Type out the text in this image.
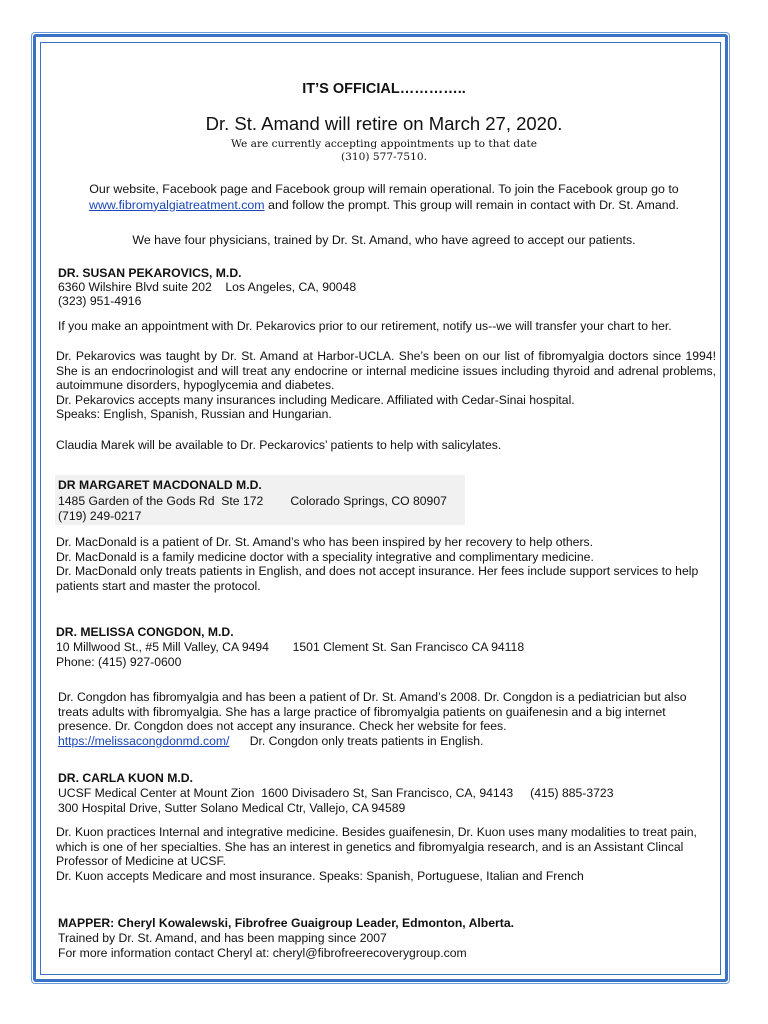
IT’S OFFICIAL…………..
Dr. St. Amand will retire on March 27, 2020.
We are currently accepting appointments up to that date
(310) 577-7510.
Our website, Facebook page and Facebook group will remain operational. To join the Facebook group go to
www.fibromyalgiatreatment.com and follow the prompt. This group will remain in contact with Dr. St. Amand.
We have four physicians, trained by Dr. St. Amand, who have agreed to accept our patients.
DR. SUSAN PEKAROVICS, M.D.
6360 Wilshire Blvd suite 202    Los Angeles, CA, 90048
(323) 951-4916
If you make an appointment with Dr. Pekarovics prior to our retirement, notify us--we will transfer your chart to her.
Dr. Pekarovics was taught by Dr. St. Amand at Harbor-UCLA. She’s been on our list of fibromyalgia doctors since 1994! She is an endocrinologist and will treat any endocrine or internal medicine issues including thyroid and adrenal problems, autoimmune disorders, hypoglycemia and diabetes.
Dr. Pekarovics accepts many insurances including Medicare. Affiliated with Cedar-Sinai hospital.
Speaks: English, Spanish, Russian and Hungarian.
Claudia Marek will be available to Dr. Peckarovics’ patients to help with salicylates.
DR MARGARET MACDONALD M.D.
1485 Garden of the Gods Rd  Ste 172        Colorado Springs, CO 80907
(719) 249-0217
Dr. MacDonald is a patient of Dr. St. Amand’s who has been inspired by her recovery to help others.
Dr. MacDonald is a family medicine doctor with a speciality integrative and complimentary medicine.
Dr. MacDonald only treats patients in English, and does not accept insurance. Her fees include support services to help patients start and master the protocol.
DR. MELISSA CONGDON, M.D.
10 Millwood St., #5 Mill Valley, CA 9494       1501 Clement St. San Francisco CA 94118
Phone: (415) 927-0600
Dr. Congdon has fibromyalgia and has been a patient of Dr. St. Amand’s 2008. Dr. Congdon is a pediatrician but also treats adults with fibromyalgia. She has a large practice of fibromyalgia patients on guaifenesin and a big internet presence. Dr. Congdon does not accept any insurance. Check her website for fees.
https://melissacongdonmd.com/      Dr. Congdon only treats patients in English.
DR. CARLA KUON M.D.
UCSF Medical Center at Mount Zion  1600 Divisadero St, San Francisco, CA, 94143     (415) 885-3723
300 Hospital Drive, Sutter Solano Medical Ctr, Vallejo, CA 94589
Dr. Kuon practices Internal and integrative medicine. Besides guaifenesin, Dr. Kuon uses many modalities to treat pain, which is one of her specialties. She has an interest in genetics and fibromyalgia research, and is an Assistant Clincal Professor of Medicine at UCSF.
Dr. Kuon accepts Medicare and most insurance. Speaks: Spanish, Portuguese, Italian and French
MAPPER: Cheryl Kowalewski, Fibrofree Guaigroup Leader, Edmonton, Alberta.
Trained by Dr. St. Amand, and has been mapping since 2007
For more information contact Cheryl at: cheryl@fibrofreerecoverygroup.com
